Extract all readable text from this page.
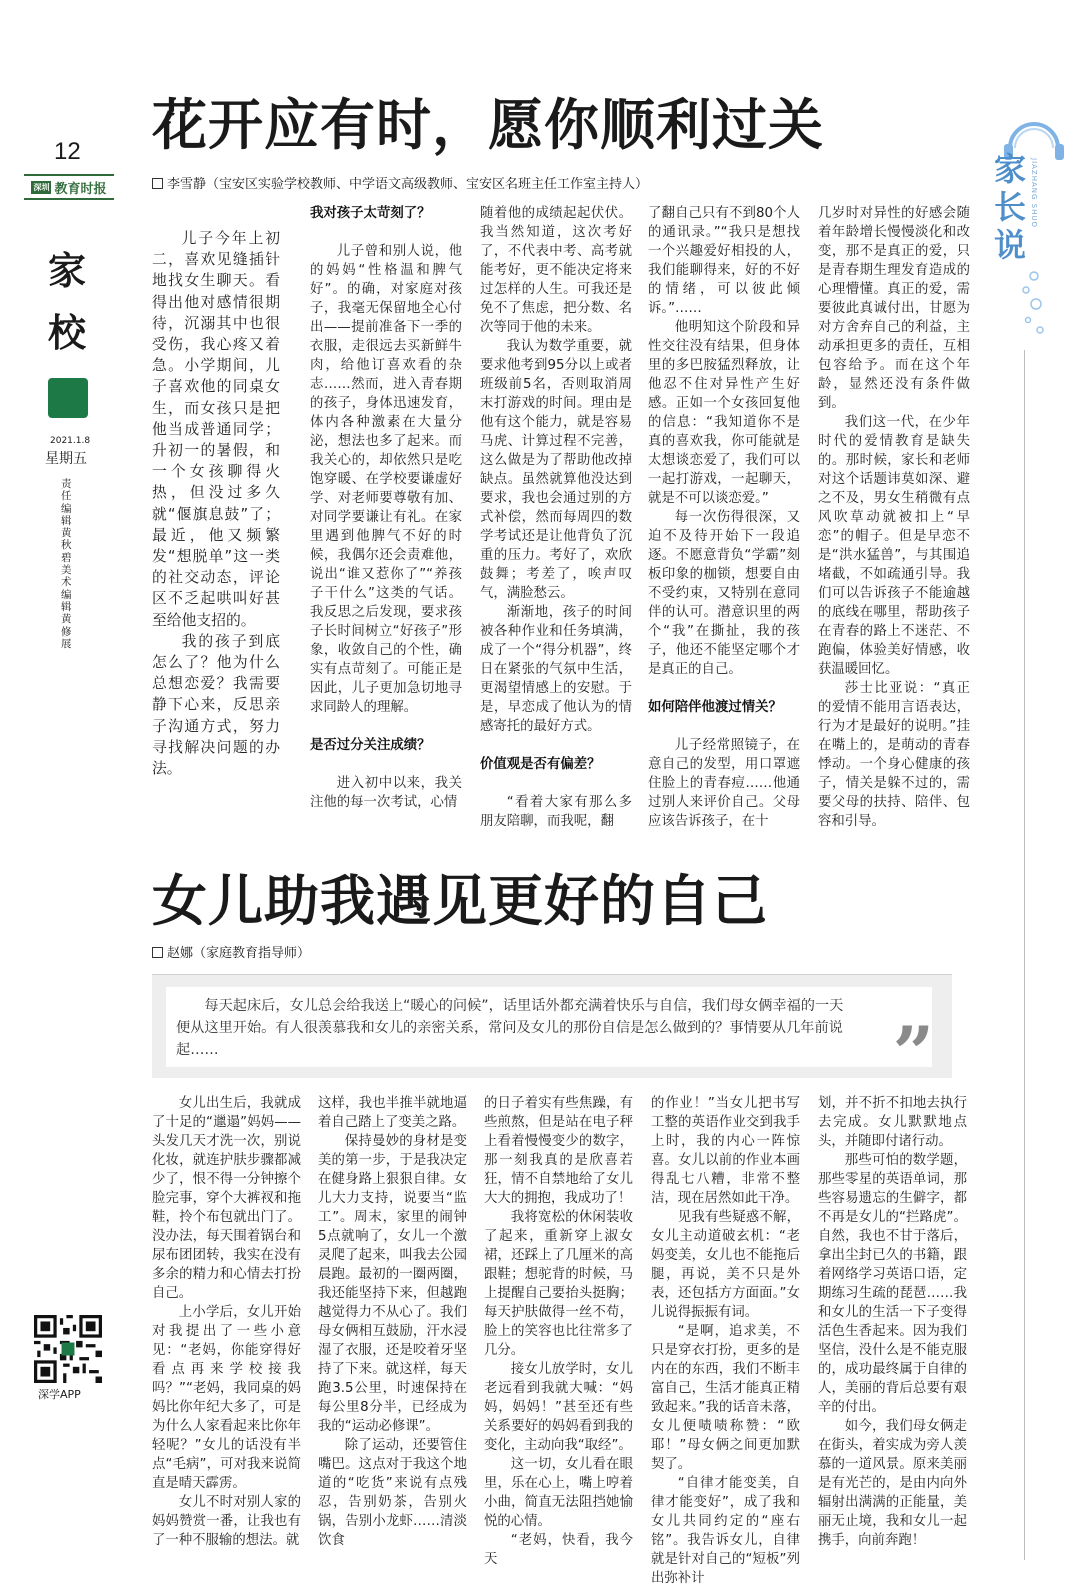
12
深圳 教育时报
家
校
2021.1.8
星期五
责任编辑黄秋碧 美术编辑黄修展
深学APP
家长说
JIAZHANG SHUO
花开应有时，愿你顺利过关
李雪静（宝安区实验学校教师、中学语文高级教师、宝安区名班主任工作室主持人）

儿子今年上初二，喜欢见缝插针地找女生聊天。看得出他对感情很期待，沉溺其中也很受伤，我心疼又着急。小学期间，儿子喜欢他的同桌女生，而女孩只是把他当成普通同学；升初一的暑假，和一个女孩聊得火热，但没过多久就“偃旗息鼓”了；最近，他又频繁发“想脱单”这一类的社交动态，评论区不乏起哄叫好甚至给他支招的。

我的孩子到底怎么了？他为什么总想恋爱？我需要静下心来，反思亲子沟通方式，努力寻找解决问题的办法。

我对孩子太苛刻了？

儿子曾和别人说，他的妈妈“性格温和脾气好”。的确，对家庭对孩子，我毫无保留地全心付出——提前准备下一季的衣服，走很远去买新鲜牛肉，给他订喜欢看的杂志……然而，进入青春期的孩子，身体迅速发育，体内各种激素在大量分泌，想法也多了起来。而我关心的，却依然只是吃饱穿暖、在学校要谦虚好学、对老师要尊敬有加、对同学要谦让有礼。在家里遇到他脾气不好的时候，我偶尔还会责难他，说出“谁又惹你了”“养孩子干什么”这类的气话。我反思之后发现，要求孩子长时间树立“好孩子”形象，收敛自己的个性，确实有点苛刻了。可能正是因此，儿子更加急切地寻求同龄人的理解。

是否过分关注成绩？

进入初中以来，我关注他的每一次考试，心情

随着他的成绩起起伏伏。我当然知道，这次考好了，不代表中考、高考就能考好，更不能决定将来过怎样的人生。可我还是免不了焦虑，把分数、名次等同于他的未来。

我认为数学重要，就要求他考到95分以上或者班级前5名，否则取消周末打游戏的时间。理由是他有这个能力，就是容易马虎、计算过程不完善，这么做是为了帮助他改掉缺点。虽然就算他没达到要求，我也会通过别的方式补偿，然而每周四的数学考试还是让他背负了沉重的压力。考好了，欢欣鼓舞；考差了，唉声叹气，满脸愁云。

渐渐地，孩子的时间被各种作业和任务填满，成了一个“得分机器”，终日在紧张的气氛中生活，更渴望情感上的安慰。于是，早恋成了他认为的情感寄托的最好方式。

价值观是否有偏差？

“看着大家有那么多朋友陪聊，而我呢，翻

了翻自己只有不到80个人的通讯录。”“我只是想找一个兴趣爱好相投的人，我们能聊得来，好的不好的情绪，可以彼此倾诉。”……

他明知这个阶段和异性交往没有结果，但身体里的多巴胺猛烈释放，让他忍不住对异性产生好感。正如一个女孩回复他的信息：“我知道你不是真的喜欢我，你可能就是太想谈恋爱了，我们可以一起打游戏，一起聊天，就是不可以谈恋爱。”

每一次伤得很深，又迫不及待开始下一段追逐。不愿意背负“学霸”刻板印象的枷锁，想要自由不受约束，又特别在意同伴的认可。潜意识里的两个“我”在撕扯，我的孩子，他还不能坚定哪个才是真正的自己。

如何陪伴他渡过情关？

儿子经常照镜子，在意自己的发型，用口罩遮住脸上的青春痘……他通过别人来评价自己。父母应该告诉孩子，在十

几岁时对异性的好感会随着年龄增长慢慢淡化和改变，那不是真正的爱，只是青春期生理发育造成的心理懵懂。真正的爱，需要彼此真诚付出，甘愿为对方舍弃自己的利益，主动承担更多的责任，互相包容给予。而在这个年龄，显然还没有条件做到。

我们这一代，在少年时代的爱情教育是缺失的。那时候，家长和老师对这个话题讳莫如深、避之不及，男女生稍微有点风吹草动就被扣上“早恋”的帽子。但是早恋不是“洪水猛兽”，与其围追堵截，不如疏通引导。我们可以告诉孩子不能逾越的底线在哪里，帮助孩子在青春的路上不迷茫、不跑偏，体验美好情感，收获温暖回忆。

莎士比亚说：“真正的爱情不能用言语表达，行为才是最好的说明。”挂在嘴上的，是萌动的青春悸动。一个身心健康的孩子，情关是躲不过的，需要父母的扶持、陪伴、包容和引导。

女儿助我遇见更好的自己
赵娜（家庭教育指导师）
每天起床后，女儿总会给我送上“暖心的问候”，话里话外都充满着快乐与自信，我们母女俩幸福的一天便从这里开始。有人很羡慕我和女儿的亲密关系，常问及女儿的那份自信是怎么做到的？事情要从几年前说起……	”

女儿出生后，我就成了十足的“邋遢”妈妈——头发几天才洗一次，别说化妆，就连护肤步骤都减少了，恨不得一分钟擦个脸完事，穿个大裤衩和拖鞋，拎个布包就出门了。没办法，每天围着锅台和尿布团团转，我实在没有多余的精力和心情去打扮自己。

上小学后，女儿开始对我提出了一些小意见：“老妈，你能穿得好看点再来学校接我吗？”“老妈，我同桌的妈妈比你年纪大多了，可是为什么人家看起来比你年轻呢？”女儿的话没有半点“毛病”，可对我来说简直是晴天霹雳。

女儿不时对别人家的妈妈赞赏一番，让我也有了一种不服输的想法。就

这样，我也半推半就地逼着自己踏上了变美之路。

保持曼妙的身材是变美的第一步，于是我决定在健身路上狠狠自律。女儿大力支持，说要当“监工”。周末，家里的闹钟5点就响了，女儿一个激灵爬了起来，叫我去公园晨跑。最初的一圈两圈，我还能坚持下来，但越跑越觉得力不从心了。我们母女俩相互鼓励，汗水浸湿了衣服，还是咬着牙坚持了下来。就这样，每天跑3.5公里，时速保持在每公里8分半，已经成为我的“运动必修课”。

除了运动，还要管住嘴巴。这点对于我这个地道的“吃货”来说有点残忍，告别奶茶，告别火锅，告别小龙虾……清淡饮食

的日子着实有些焦躁，有些煎熬，但是站在电子秤上看着慢慢变少的数字，那一刻我真的是欣喜若狂，情不自禁地给了女儿大大的拥抱，我成功了！

我将宽松的休闲装收了起来，重新穿上淑女裙，还踩上了几厘米的高跟鞋；想驼背的时候，马上提醒自己要抬头挺胸；每天护肤做得一丝不苟，脸上的笑容也比往常多了几分。

接女儿放学时，女儿老远看到我就大喊：“妈妈，妈妈！”甚至还有些关系要好的妈妈看到我的变化，主动向我“取经”。

这一切，女儿看在眼里，乐在心上，嘴上哼着小曲，简直无法阻挡她愉悦的心情。

“老妈，快看，我今天

的作业！”当女儿把书写工整的英语作业交到我手上时，我的内心一阵惊喜。女儿以前的作业本画得乱七八糟，非常不整洁，现在居然如此干净。

见我有些疑惑不解，女儿主动道破玄机：“老妈变美，女儿也不能拖后腿，再说，美不只是外表，还包括方方面面。”女儿说得振振有词。

“是啊，追求美，不只是穿衣打扮，更多的是内在的东西，我们不断丰富自己，生活才能真正精致起来。”我的话音未落，女儿便啧啧称赞：“欧耶！”母女俩之间更加默契了。

“自律才能变美，自律才能变好”，成了我和女儿共同约定的“座右铭”。我告诉女儿，自律就是针对自己的“短板”列出弥补计

划，并不折不扣地去执行去完成。女儿默默地点头，并随即付诸行动。

那些可怕的数学题，那些零星的英语单词，那些容易遗忘的生僻字，都不再是女儿的“拦路虎”。自然，我也不甘于落后，拿出尘封已久的书籍，跟着网络学习英语口语，定期练习生疏的琵琶……我和女儿的生活一下子变得活色生香起来。因为我们坚信，没什么是不能克服的，成功最终属于自律的人，美丽的背后总要有艰辛的付出。

如今，我们母女俩走在街头，着实成为旁人羡慕的一道风景。原来美丽是有光芒的，是由内向外辐射出满满的正能量，美丽无止境，我和女儿一起携手，向前奔跑！
